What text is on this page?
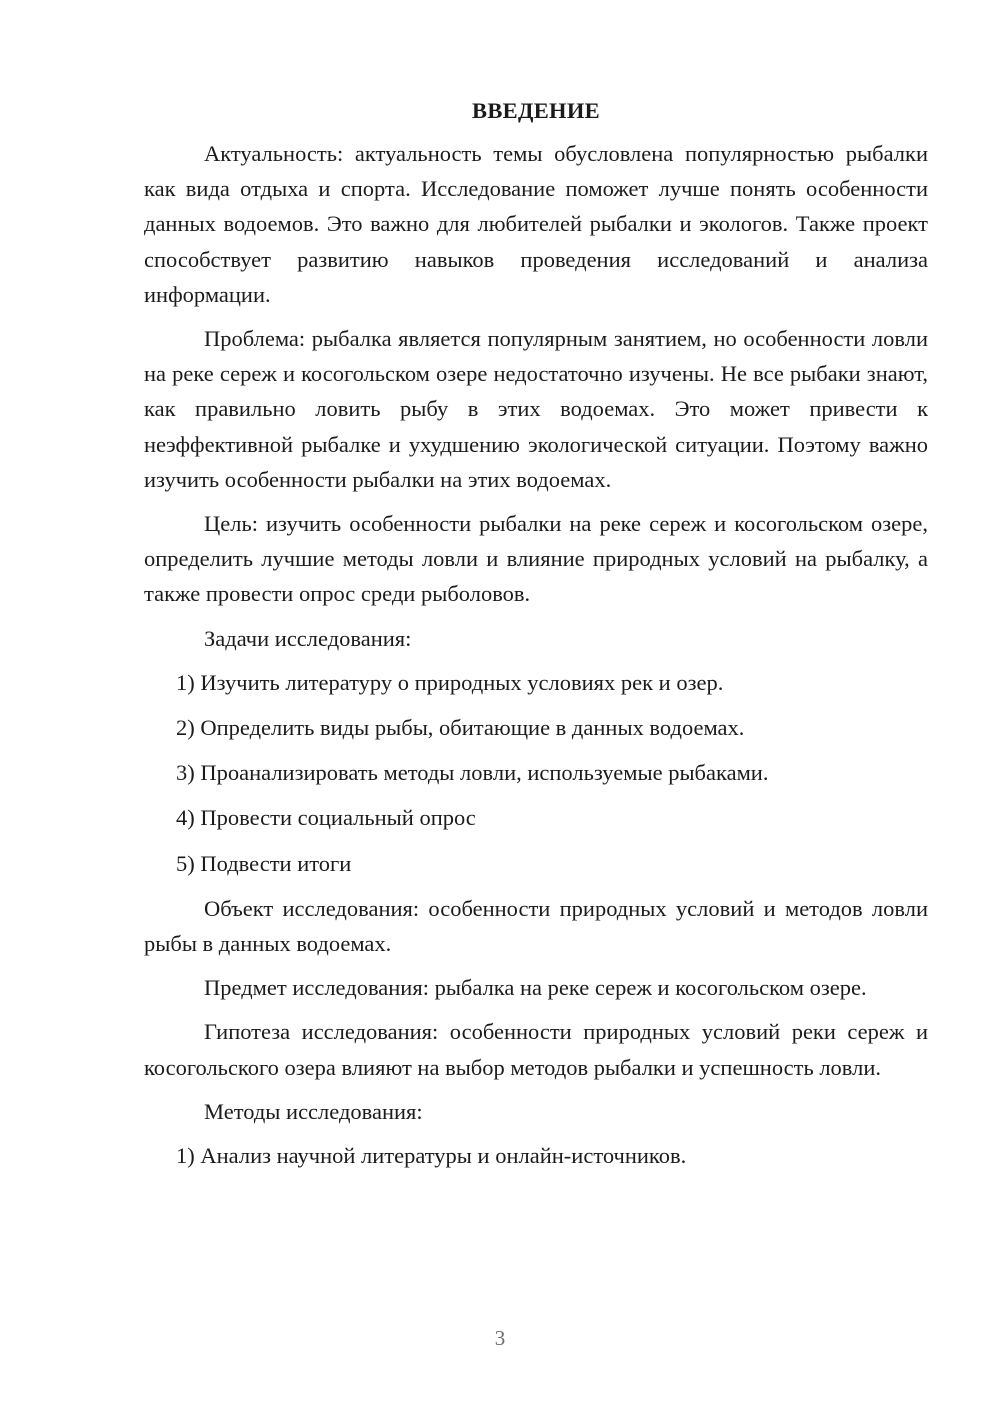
ВВЕДЕНИЕ

Актуальность: актуальность темы обусловлена популярностью рыбалки как вида отдыха и спорта. Исследование поможет лучше понять особенности данных водоемов. Это важно для любителей рыбалки и экологов. Также проект способствует развитию навыков проведения исследований и анализа информации.

Проблема: рыбалка является популярным занятием, но особенности ловли на реке сереж и косогольском озере недостаточно изучены. Не все рыбаки знают, как правильно ловить рыбу в этих водоемах. Это может привести к неэффективной рыбалке и ухудшению экологической ситуации. Поэтому важно изучить особенности рыбалки на этих водоемах.

Цель: изучить особенности рыбалки на реке сереж и косогольском озере, определить лучшие методы ловли и влияние природных условий на рыбалку, а также провести опрос среди рыболовов.

Задачи исследования:

1) Изучить литературу о природных условиях рек и озер.
2) Определить виды рыбы, обитающие в данных водоемах.
3) Проанализировать методы ловли, используемые рыбаками.
4) Провести социальный опрос
5) Подвести итоги

Объект исследования: особенности природных условий и методов ловли рыбы в данных водоемах.

Предмет исследования: рыбалка на реке сереж и косогольском озере.

Гипотеза исследования: особенности природных условий реки сереж и косогольского озера влияют на выбор методов рыбалки и успешность ловли.

Методы исследования:

1) Анализ научной литературы и онлайн-источников.
3
